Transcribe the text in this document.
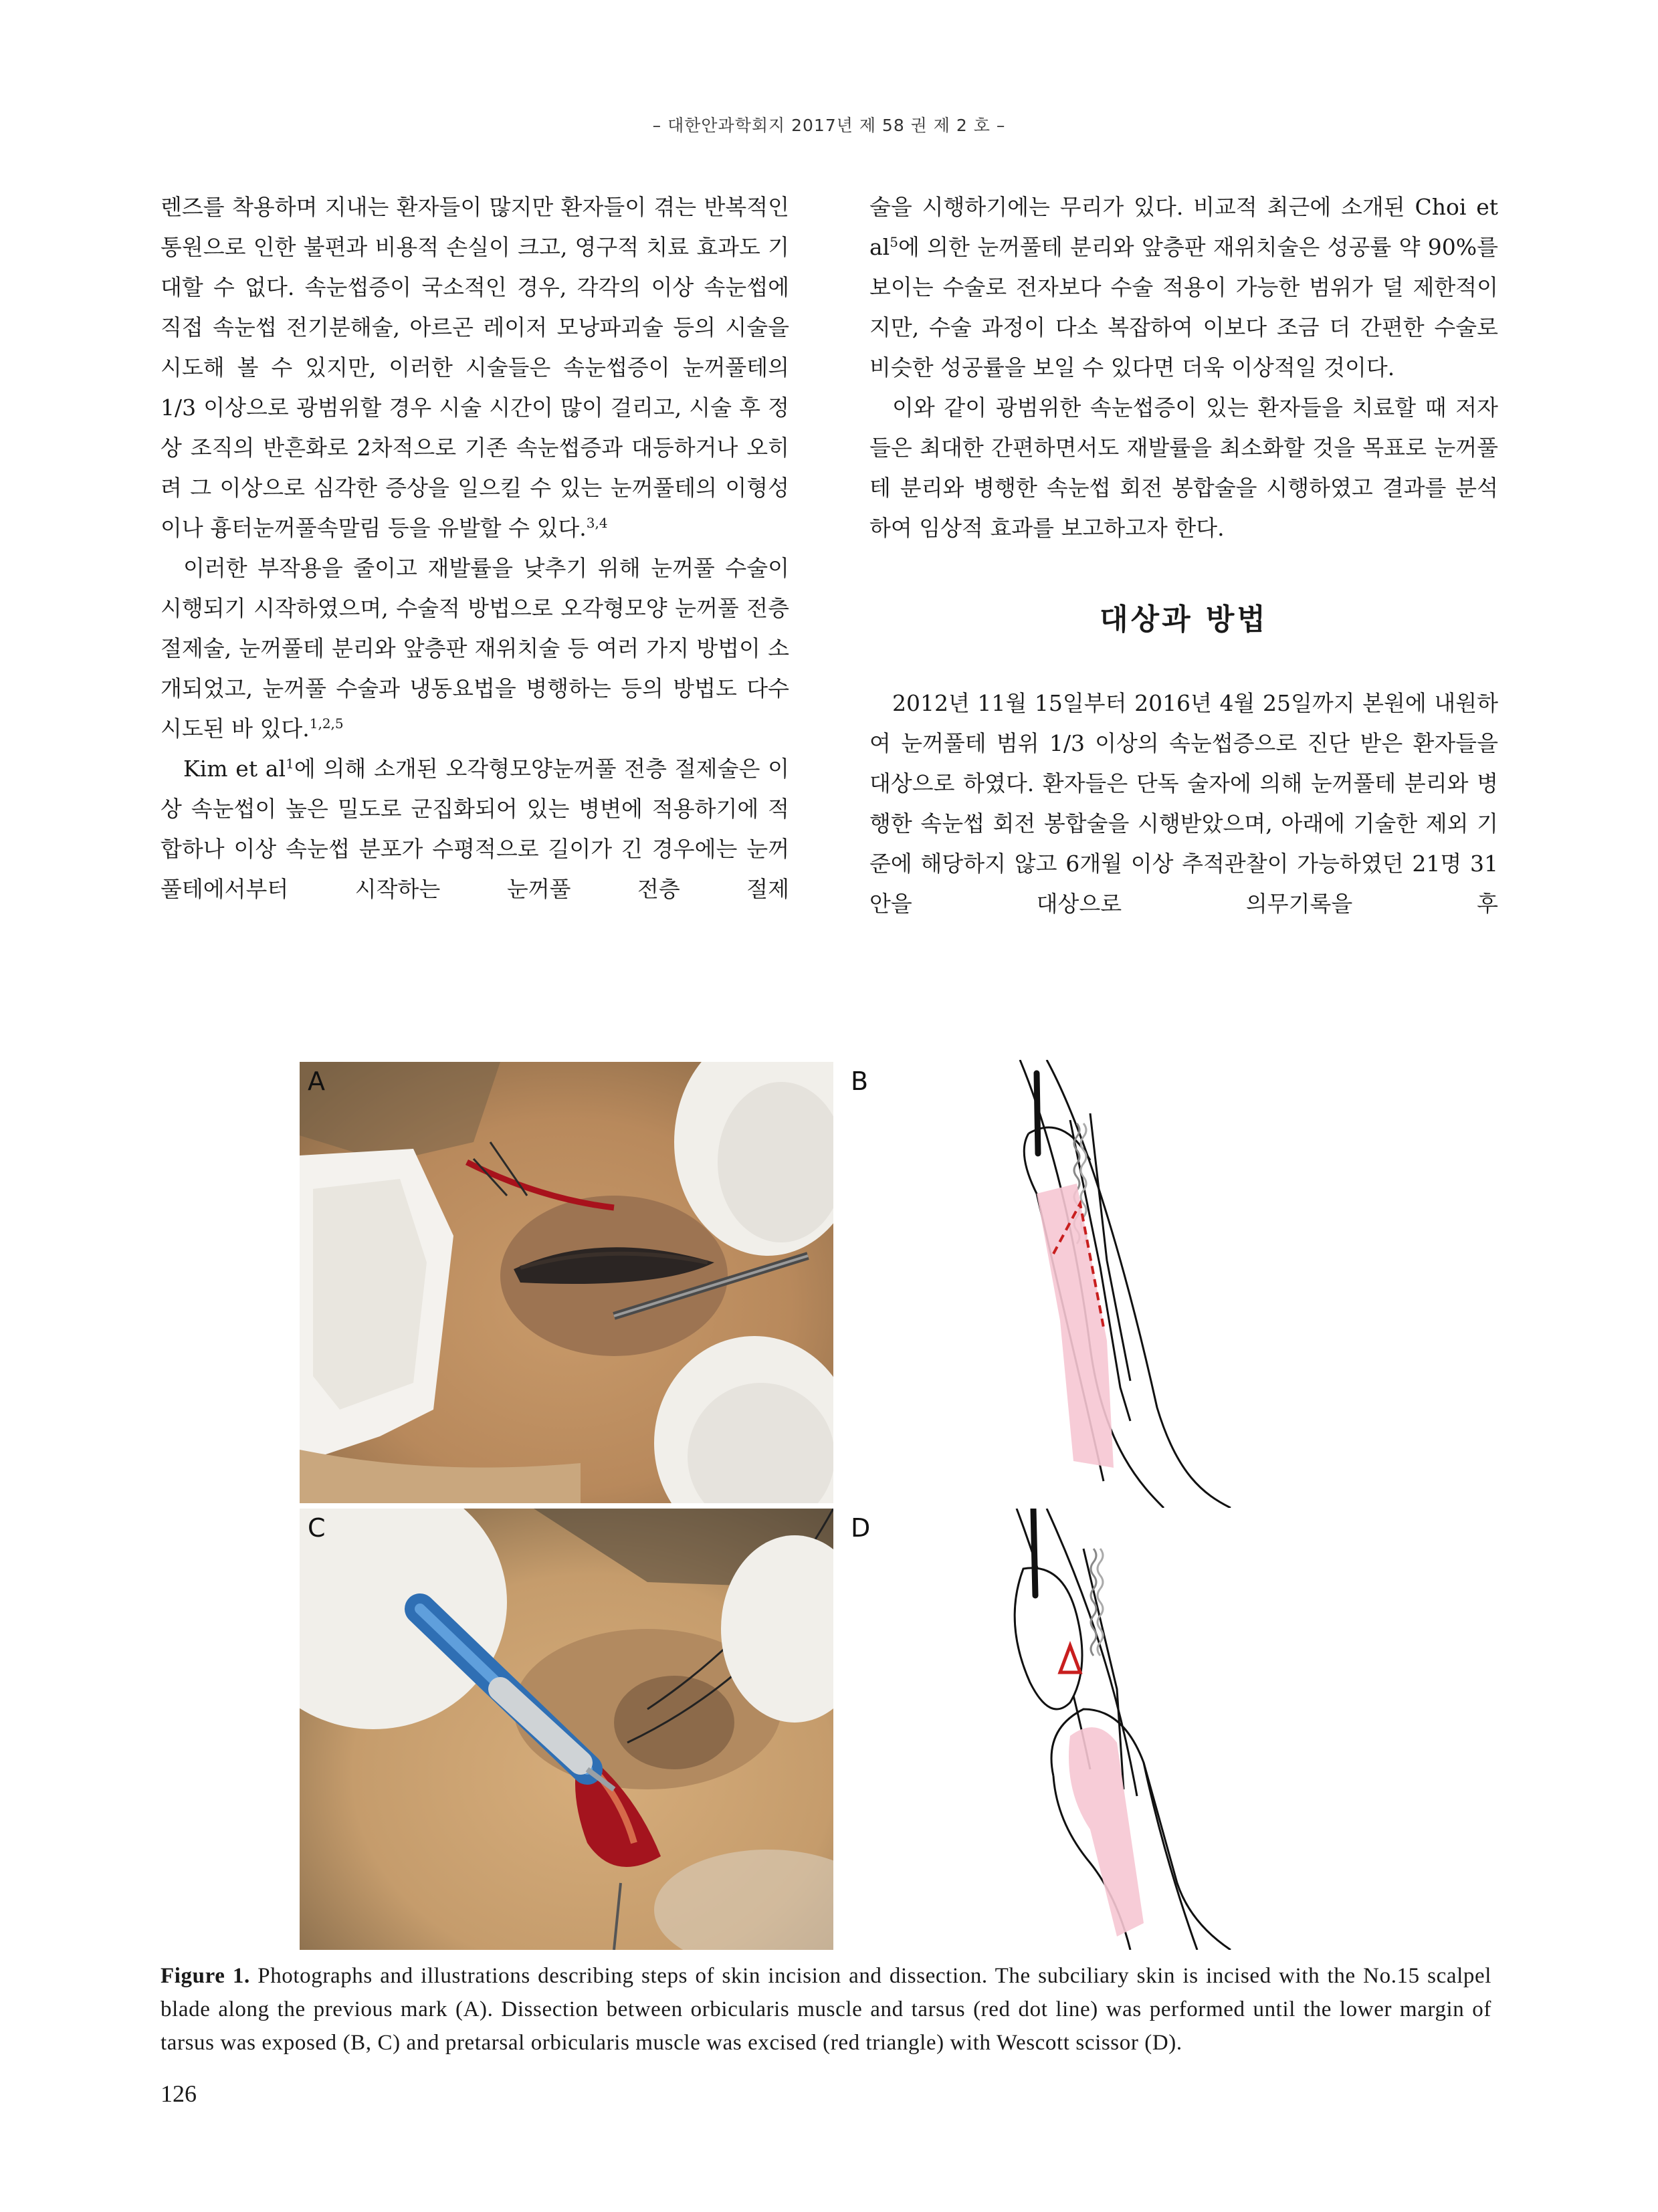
– 대한안과학회지 2017년 제 58 권 제 2 호 –

렌즈를 착용하며 지내는 환자들이 많지만 환자들이 겪는 반복적인 통원으로 인한 불편과 비용적 손실이 크고, 영구적 치료 효과도 기대할 수 없다. 속눈썹증이 국소적인 경우, 각각의 이상 속눈썹에 직접 속눈썹 전기분해술, 아르곤 레이저 모낭파괴술 등의 시술을 시도해 볼 수 있지만, 이러한 시술들은 속눈썹증이 눈꺼풀테의 1/3 이상으로 광범위할 경우 시술 시간이 많이 걸리고, 시술 후 정상 조직의 반흔화로 2차적으로 기존 속눈썹증과 대등하거나 오히려 그 이상으로 심각한 증상을 일으킬 수 있는 눈꺼풀테의 이형성이나 흉터눈꺼풀속말림 등을 유발할 수 있다.$^{3,4}$

이러한 부작용을 줄이고 재발률을 낮추기 위해 눈꺼풀 수술이 시행되기 시작하였으며, 수술적 방법으로 오각형모양 눈꺼풀 전층 절제술, 눈꺼풀테 분리와 앞층판 재위치술 등 여러 가지 방법이 소개되었고, 눈꺼풀 수술과 냉동요법을 병행하는 등의 방법도 다수 시도된 바 있다.$^{1,2,5}$

Kim et $al^1$에 의해 소개된 오각형모양눈꺼풀 전층 절제술은 이상 속눈썹이 높은 밀도로 군집화되어 있는 병변에 적용하기에 적합하나 이상 속눈썹 분포가 수평적으로 길이가 긴 경우에는 눈꺼풀테에서부터 시작하는 눈꺼풀 전층 절제

술을 시행하기에는 무리가 있다. 비교적 최근에 소개된 Choi et $al^5$에 의한 눈꺼풀테 분리와 앞층판 재위치술은 성공률 약 90%를 보이는 수술로 전자보다 수술 적용이 가능한 범위가 덜 제한적이지만, 수술 과정이 다소 복잡하여 이보다 조금 더 간편한 수술로 비슷한 성공률을 보일 수 있다면 더욱 이상적일 것이다.

이와 같이 광범위한 속눈썹증이 있는 환자들을 치료할 때 저자들은 최대한 간편하면서도 재발률을 최소화할 것을 목표로 눈꺼풀테 분리와 병행한 속눈썹 회전 봉합술을 시행하였고 결과를 분석하여 임상적 효과를 보고하고자 한다.

대상과 방법

2012년 11월 15일부터 2016년 4월 25일까지 본원에 내원하여 눈꺼풀테 범위 1/3 이상의 속눈썹증으로 진단 받은 환자들을 대상으로 하였다. 환자들은 단독 술자에 의해 눈꺼풀테 분리와 병행한 속눈썹 회전 봉합술을 시행받았으며, 아래에 기술한 제외 기준에 해당하지 않고 6개월 이상 추적관찰이 가능하였던 21명 31안을 대상으로 의무기록을 후

A
C
B
D
Figure 1. Photographs and illustrations describing steps of skin incision and dissection. The subciliary skin is incised with the No.15 scalpel blade along the previous mark (A). Dissection between orbicularis muscle and tarsus (red dot line) was performed until the lower margin of tarsus was exposed (B, C) and pretarsal orbicularis muscle was excised (red triangle) with Wescott scissor (D).
126
